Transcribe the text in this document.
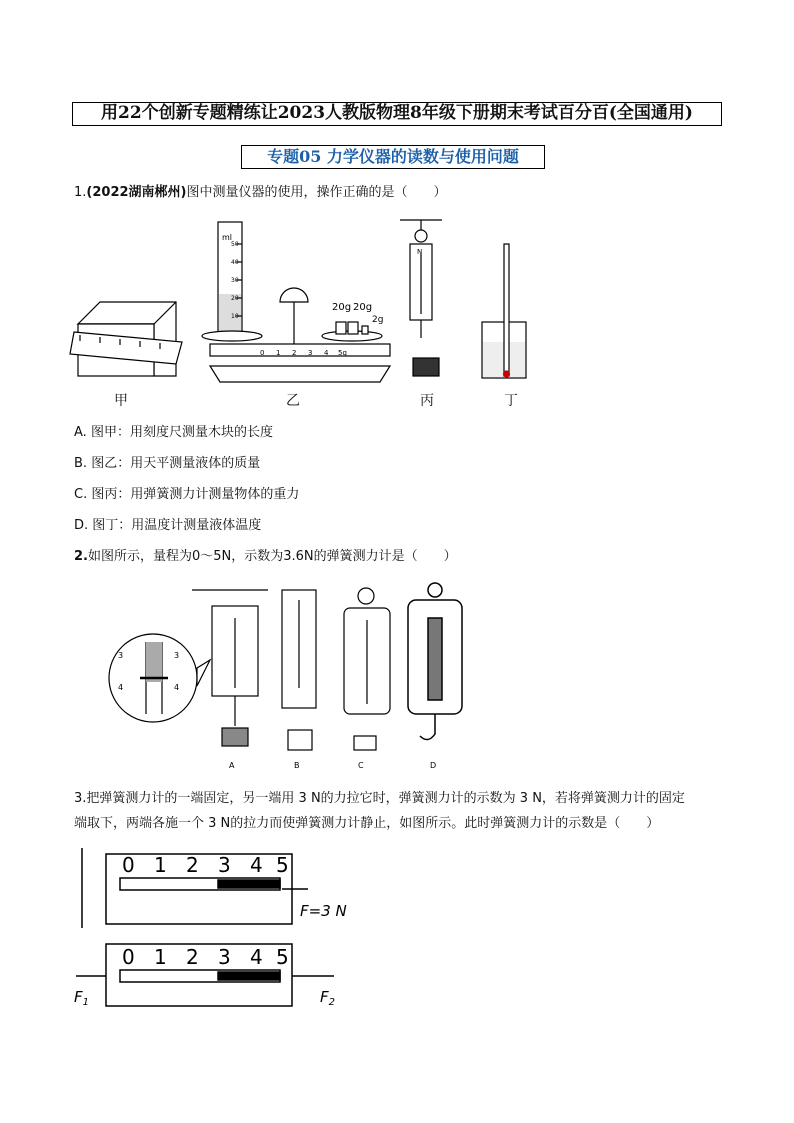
用22个创新专题精练让2023人教版物理8年级下册期末考试百分百(全国通用)
专题05 力学仪器的读数与使用问题
1.(2022湖南郴州)图中测量仪器的使用，操作正确的是（　　）
ml
50
40
30
20
10
20g 20g
2g
0 1 2 3 4 5g
N
甲	乙	丙	丁
A. 图甲：用刻度尺测量木块的长度
B. 图乙：用天平测量液体的质量
C. 图丙：用弹簧测力计测量物体的重力
D. 图丁：用温度计测量液体温度
2.如图所示，量程为0～5N，示数为3.6N的弹簧测力计是（　　）
3	3
4	4
A	B	C	D
3.把弹簧测力计的一端固定，另一端用 3 N的力拉它时，弹簧测力计的示数为 3 N，若将弹簧测力计的固定
端取下，两端各施一个 3 N的拉力而使弹簧测力计静止，如图所示。此时弹簧测力计的示数是（　　）
0 1 2 3 4 5
F=3 N
0 1 2 3 4 5
$F_1$	$F_2$
